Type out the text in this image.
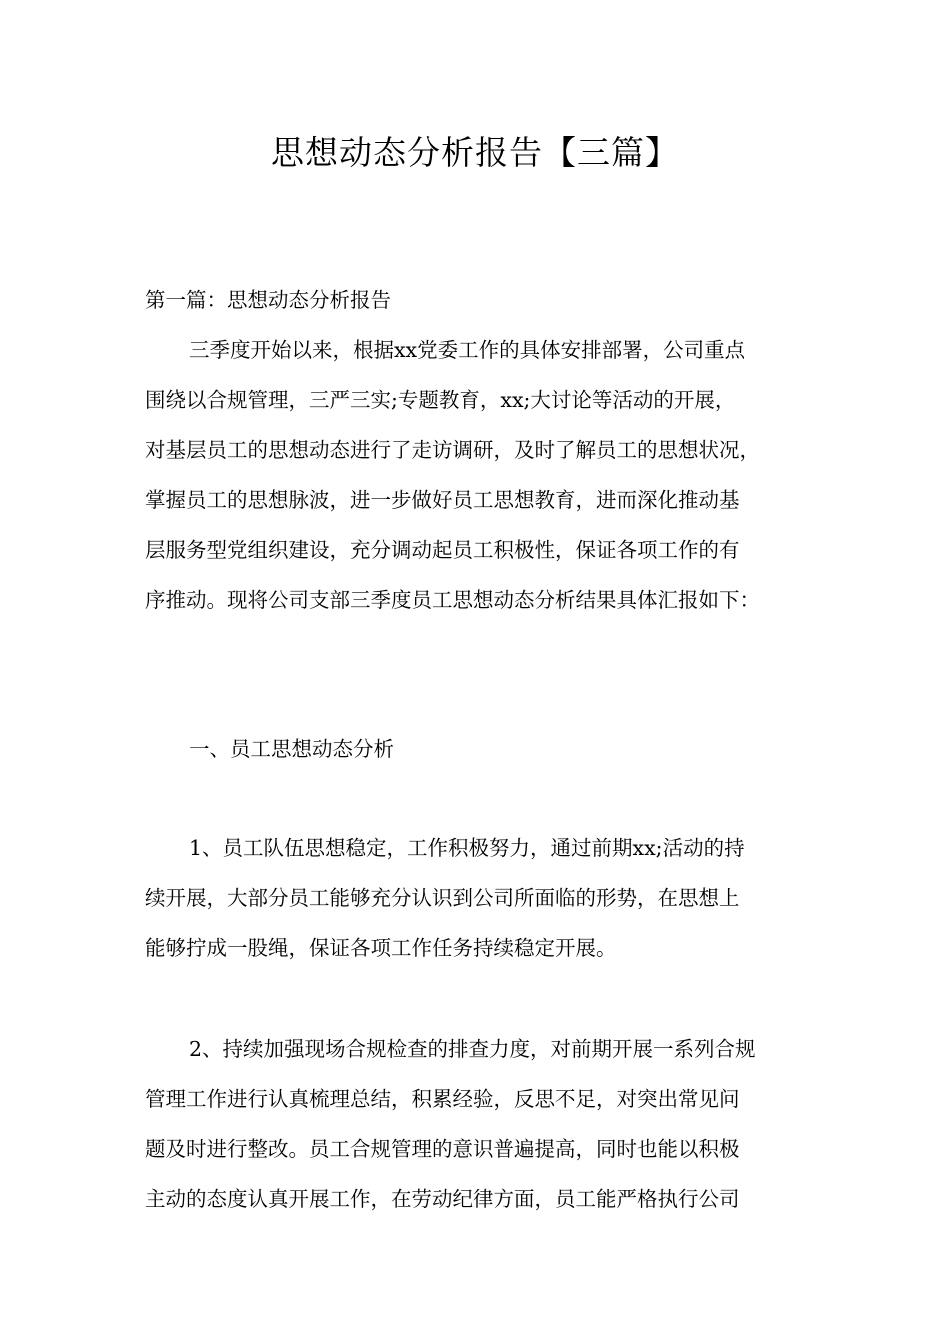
思想动态分析报告【三篇】

第一篇：思想动态分析报告

三季度开始以来，根据xx党委工作的具体安排部署，公司重点

围绕以合规管理，三严三实;专题教育，xx;大讨论等活动的开展，

对基层员工的思想动态进行了走访调研，及时了解员工的思想状况，

掌握员工的思想脉波，进一步做好员工思想教育，进而深化推动基

层服务型党组织建设，充分调动起员工积极性，保证各项工作的有

序推动。现将公司支部三季度员工思想动态分析结果具体汇报如下：

一、员工思想动态分析

1、员工队伍思想稳定，工作积极努力，通过前期xx;活动的持

续开展，大部分员工能够充分认识到公司所面临的形势，在思想上

能够拧成一股绳，保证各项工作任务持续稳定开展。

2、持续加强现场合规检查的排查力度，对前期开展一系列合规

管理工作进行认真梳理总结，积累经验，反思不足，对突出常见问

题及时进行整改。员工合规管理的意识普遍提高，同时也能以积极

主动的态度认真开展工作，在劳动纪律方面，员工能严格执行公司
